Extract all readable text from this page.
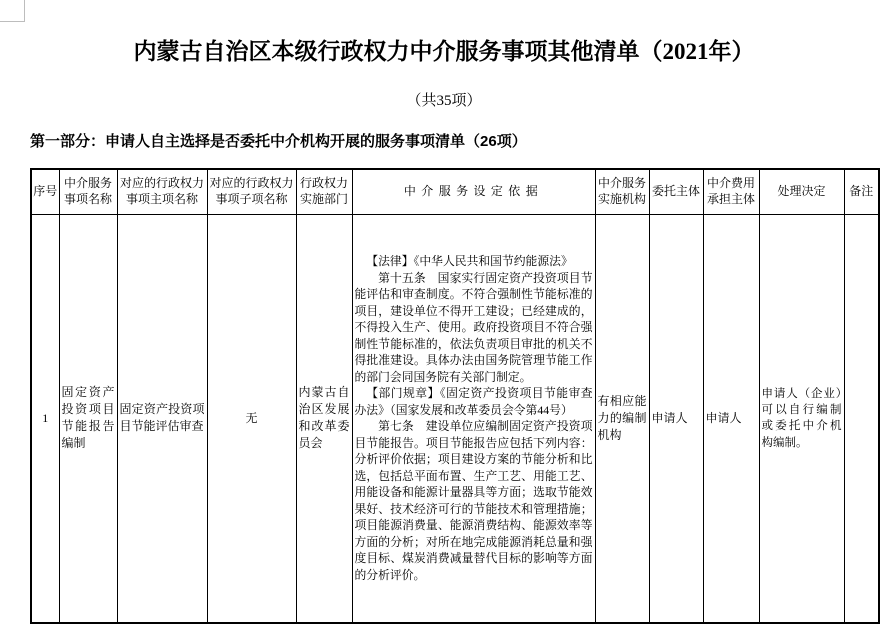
内蒙古自治区本级行政权力中介服务事项其他清单（2021年）
（共35项）
第一部分：申请人自主选择是否委托中介机构开展的服务事项清单（26项）
序号	中介服务事项名称	对应的行政权力事项主项名称	对应的行政权力事项子项名称	行政权力实施部门	中介服务设定依据	中介服务实施机构	委托主体	中介费用承担主体	处理决定	备注
1	固定资产投资项目节能报告编制	固定资产投资项目节能评估审查	无	内蒙古自治区发展和改革委员会	【法律】《中华人民共和国节约能源法》

第十五条　国家实行固定资产投资项目节能评估和审查制度。不符合强制性节能标准的项目，建设单位不得开工建设；已经建成的，不得投入生产、使用。政府投资项目不符合强制性节能标准的，依法负责项目审批的机关不得批准建设。具体办法由国务院管理节能工作的部门会同国务院有关部门制定。

【部门规章】《固定资产投资项目节能审查办法》（国家发展和改革委员会令第44号）

第七条　建设单位应编制固定资产投资项目节能报告。项目节能报告应包括下列内容：分析评价依据；项目建设方案的节能分析和比选，包括总平面布置、生产工艺、用能工艺、用能设备和能源计量器具等方面；选取节能效果好、技术经济可行的节能技术和管理措施；项目能源消费量、能源消费结构、能源效率等方面的分析；对所在地完成能源消耗总量和强度目标、煤炭消费减量替代目标的影响等方面的分析评价。	有相应能力的编制机构	申请人	申请人	申请人（企业）可以自行编制或委托中介机构编制。	
